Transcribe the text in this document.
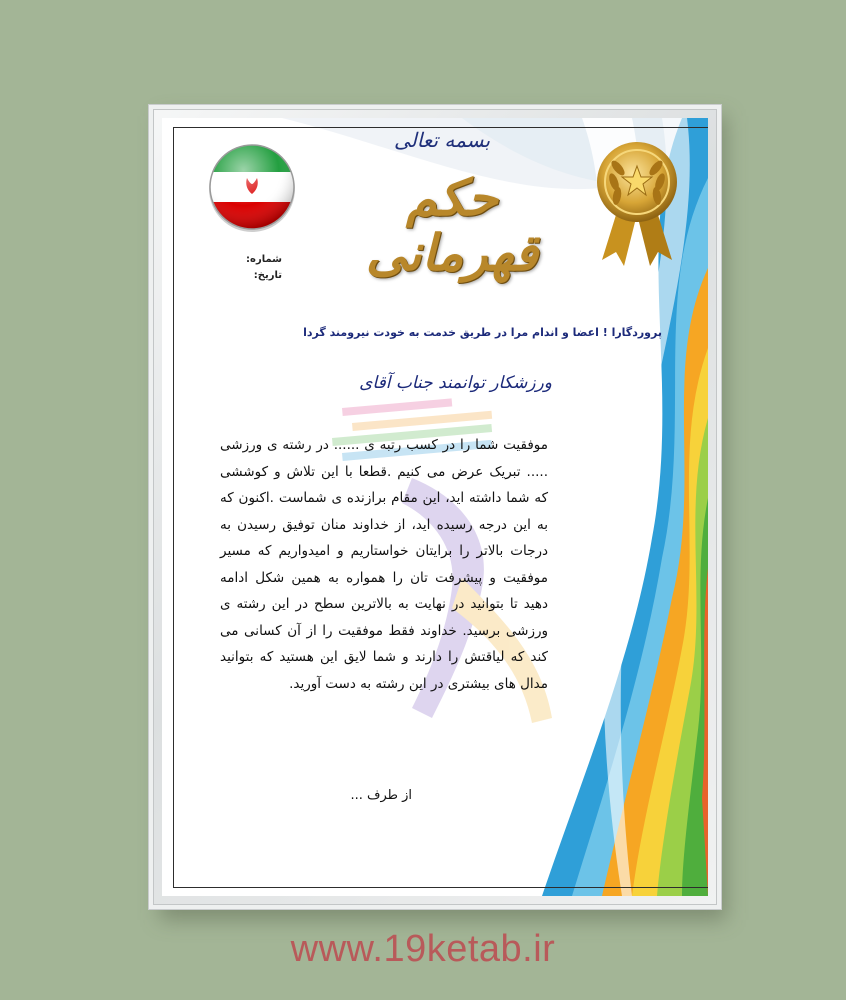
بسمه تعالی
حکم قهرمانی
شماره:
تاریخ:
پروردگارا ! اعضا و اندام مرا در طریق خدمت به خودت نیرومند گردا
ورزشکار توانمند جناب آقای
موفقیت شما را در کسب رتبه ی ...... در رشته ی ورزشی ..... تبریک عرض می کنیم .قطعا با این تلاش و کوششی که شما داشته اید، این مقام برازنده ی شماست .اکنون که به این درجه رسیده اید، از خداوند منان توفیق رسیدن به درجات بالاتر را برایتان خواستاریم و امیدواریم که مسیر موفقیت و پیشرفت تان را همواره به همین شکل ادامه دهید تا بتوانید در نهایت به بالاترین سطح در این رشته ی ورزشی برسید. خداوند فقط موفقیت را از آن کسانی می کند که لیاقتش را دارند و شما لایق این هستید که بتوانید مدال های بیشتری در این رشته به دست آورید.
از طرف ...
www.19ketab.ir
